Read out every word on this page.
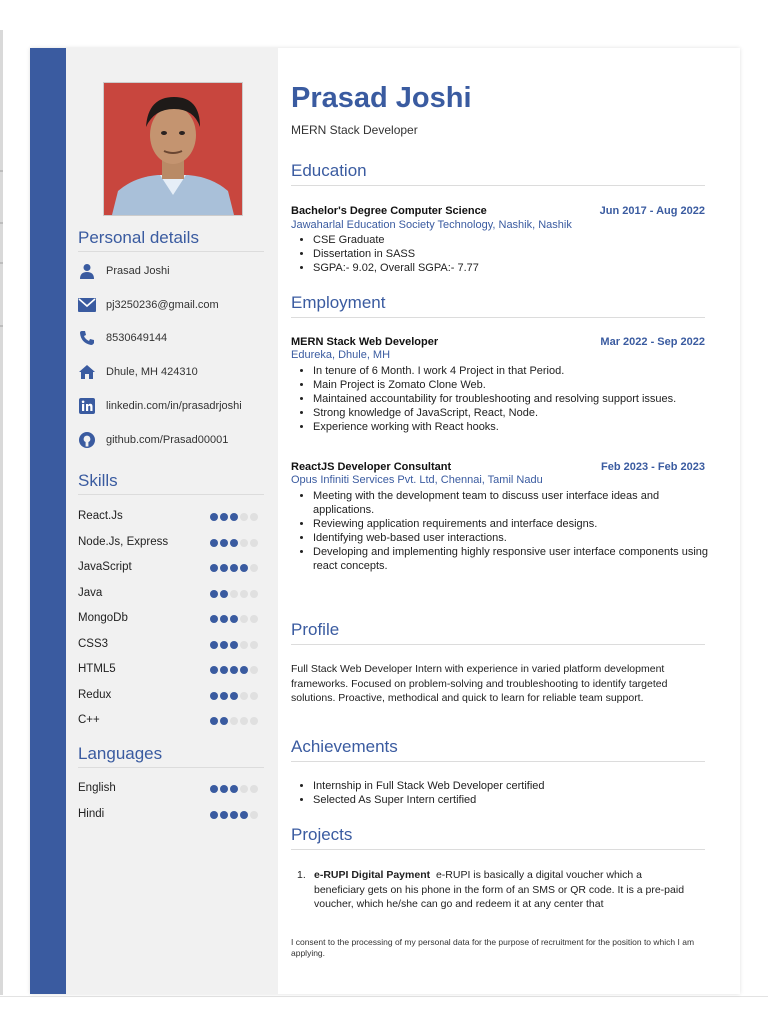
Personal details
Prasad Joshi
pj3250236@gmail.com
8530649144
Dhule, MH 424310
linkedin.com/in/prasadrjoshi
github.com/Prasad00001
Skills
React.Js
Node.Js, Express
JavaScript
Java
MongoDb
CSS3
HTML5
Redux
C++
Languages
English
Hindi
Prasad Joshi
MERN Stack Developer
Education
Bachelor's Degree Computer Science	Jun 2017 - Aug 2022
Jawaharlal Education Society Technology, Nashik, Nashik
• CSE Graduate
• Dissertation in SASS
• SGPA:- 9.02, Overall SGPA:- 7.77
Employment
MERN Stack Web Developer	Mar 2022 - Sep 2022
Edureka, Dhule, MH
• In tenure of 6 Month. I work 4 Project in that Period.
• Main Project is Zomato Clone Web.
• Maintained accountability for troubleshooting and resolving support issues.
• Strong knowledge of JavaScript, React, Node.
• Experience working with React hooks.
ReactJS Developer Consultant	Feb 2023 - Feb 2023
Opus Infiniti Services Pvt. Ltd, Chennai, Tamil Nadu
• Meeting with the development team to discuss user interface ideas and applications.
• Reviewing application requirements and interface designs.
• Identifying web-based user interactions.
• Developing and implementing highly responsive user interface components using react concepts.
Profile
Full Stack Web Developer Intern with experience in varied platform development frameworks. Focused on problem-solving and troubleshooting to identify targeted solutions. Proactive, methodical and quick to learn for reliable team support.
Achievements
• Internship in Full Stack Web Developer certified
• Selected As Super Intern certified
Projects
1. e-RUPI Digital Payment e-RUPI is basically a digital voucher which a beneficiary gets on his phone in the form of an SMS or QR code. It is a pre-paid voucher, which he/she can go and redeem it at any center that
I consent to the processing of my personal data for the purpose of recruitment for the position to which I am applying.
